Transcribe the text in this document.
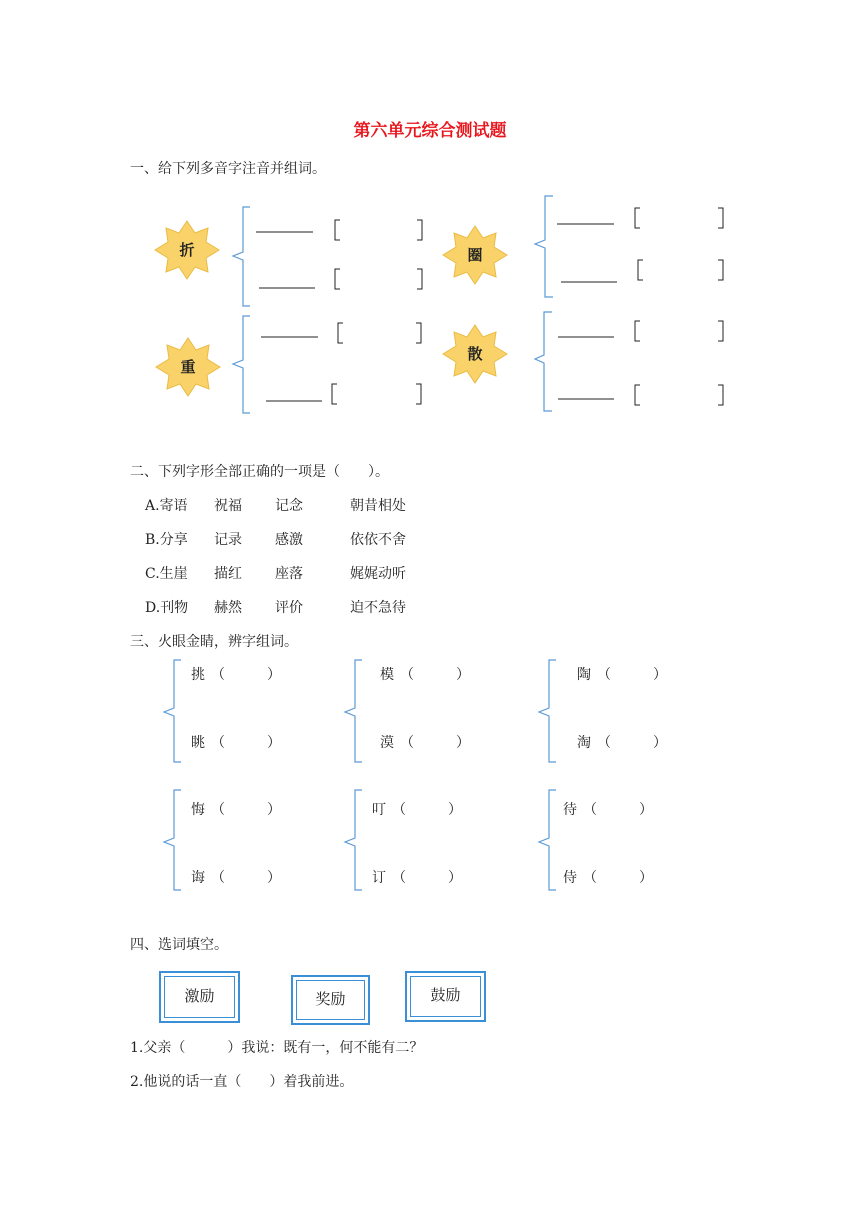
第六单元综合测试题
一、给下列多音字注音并组词。
折	圈
重
散
二、下列字形全部正确的一项是（　　）。
A.寄语 祝福 记念	朝昔相处
B.分享 记录 感激	依依不舍
C.生崖 描红 座落	娓娓动听
D.刊物 赫然 评价	迫不急待
三、火眼金睛，辨字组词。
挑 （　　　）
眺 （　　　）
模 （　　　）
漠 （　　　）
陶 （　　　）
淘 （　　　）
悔 （　　　）
诲 （　　　）
叮 （　　　）
订 （　　　）
待 （　　　）
侍 （　　　）
四、选词填空。
激励	奖励	鼓励
1.父亲（　　　）我说：既有一，何不能有二？
2.他说的话一直（　　）着我前进。
